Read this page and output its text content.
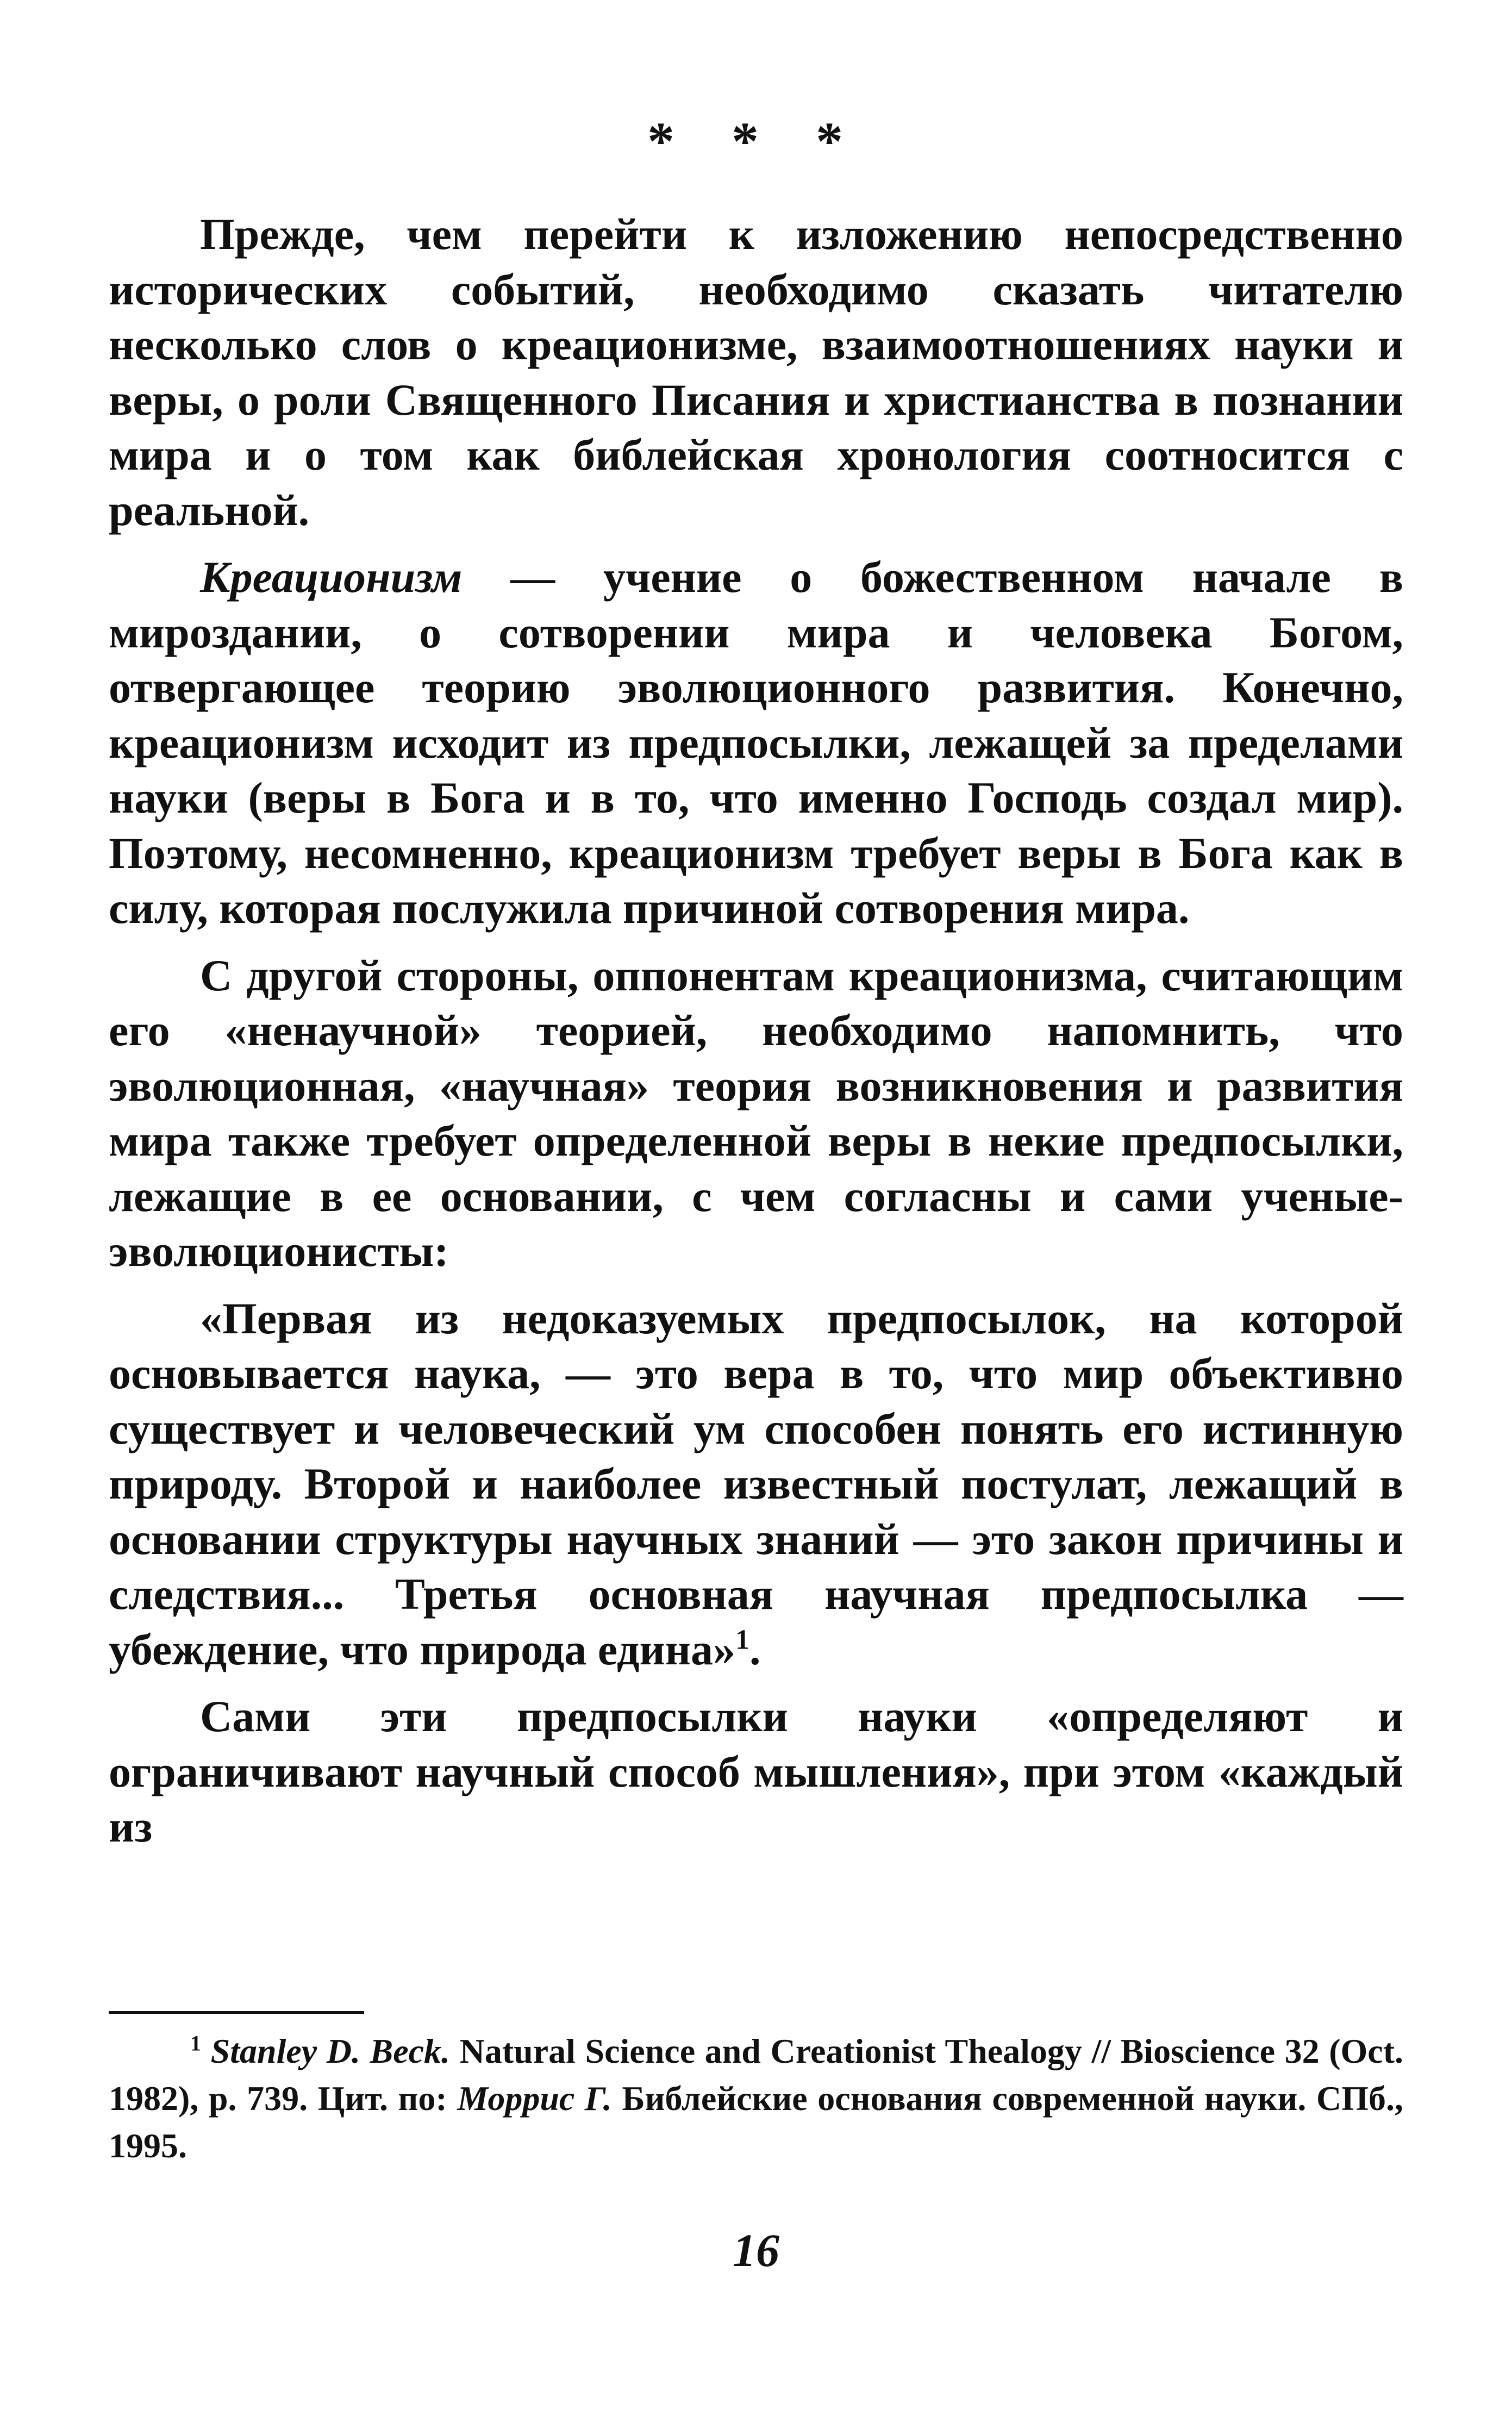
* * *

Прежде, чем перейти к изложению непосредственно исторических событий, необходимо сказать читателю несколько слов о креационизме, взаимоотношениях науки и веры, о роли Священного Писания и христианства в познании мира и о том как библейская хронология соотносится с реальной.

Креационизм — учение о божественном начале в мироздании, о сотворении мира и человека Богом, отвергающее теорию эволюционного развития. Конечно, креационизм исходит из предпосылки, лежащей за пределами науки (веры в Бога и в то, что именно Господь создал мир). Поэтому, несомненно, креационизм требует веры в Бога как в силу, которая послужила причиной сотворения мира.

С другой стороны, оппонентам креационизма, считающим его «ненаучной» теорией, необходимо напомнить, что эволюционная, «научная» теория возникновения и развития мира также требует определенной веры в некие предпосылки, лежащие в ее основании, с чем согласны и сами ученые-эволюционисты:

«Первая из недоказуемых предпосылок, на которой основывается наука, — это вера в то, что мир объективно существует и человеческий ум способен понять его истинную природу. Второй и наиболее известный постулат, лежащий в основании структуры научных знаний — это закон причины и следствия... Третья основная научная предпосылка — убеждение, что природа едина»$^1$.

Сами эти предпосылки науки «определяют и ограничивают научный способ мышления», при этом «каждый из

$^1$ Stanley D. Beck. Natural Science and Creationist Thealogy // Bioscience 32 (Oct. 1982), p. 739. Цит. по: Моррис Г. Библейские основания современной науки. СПб., 1995.

16
